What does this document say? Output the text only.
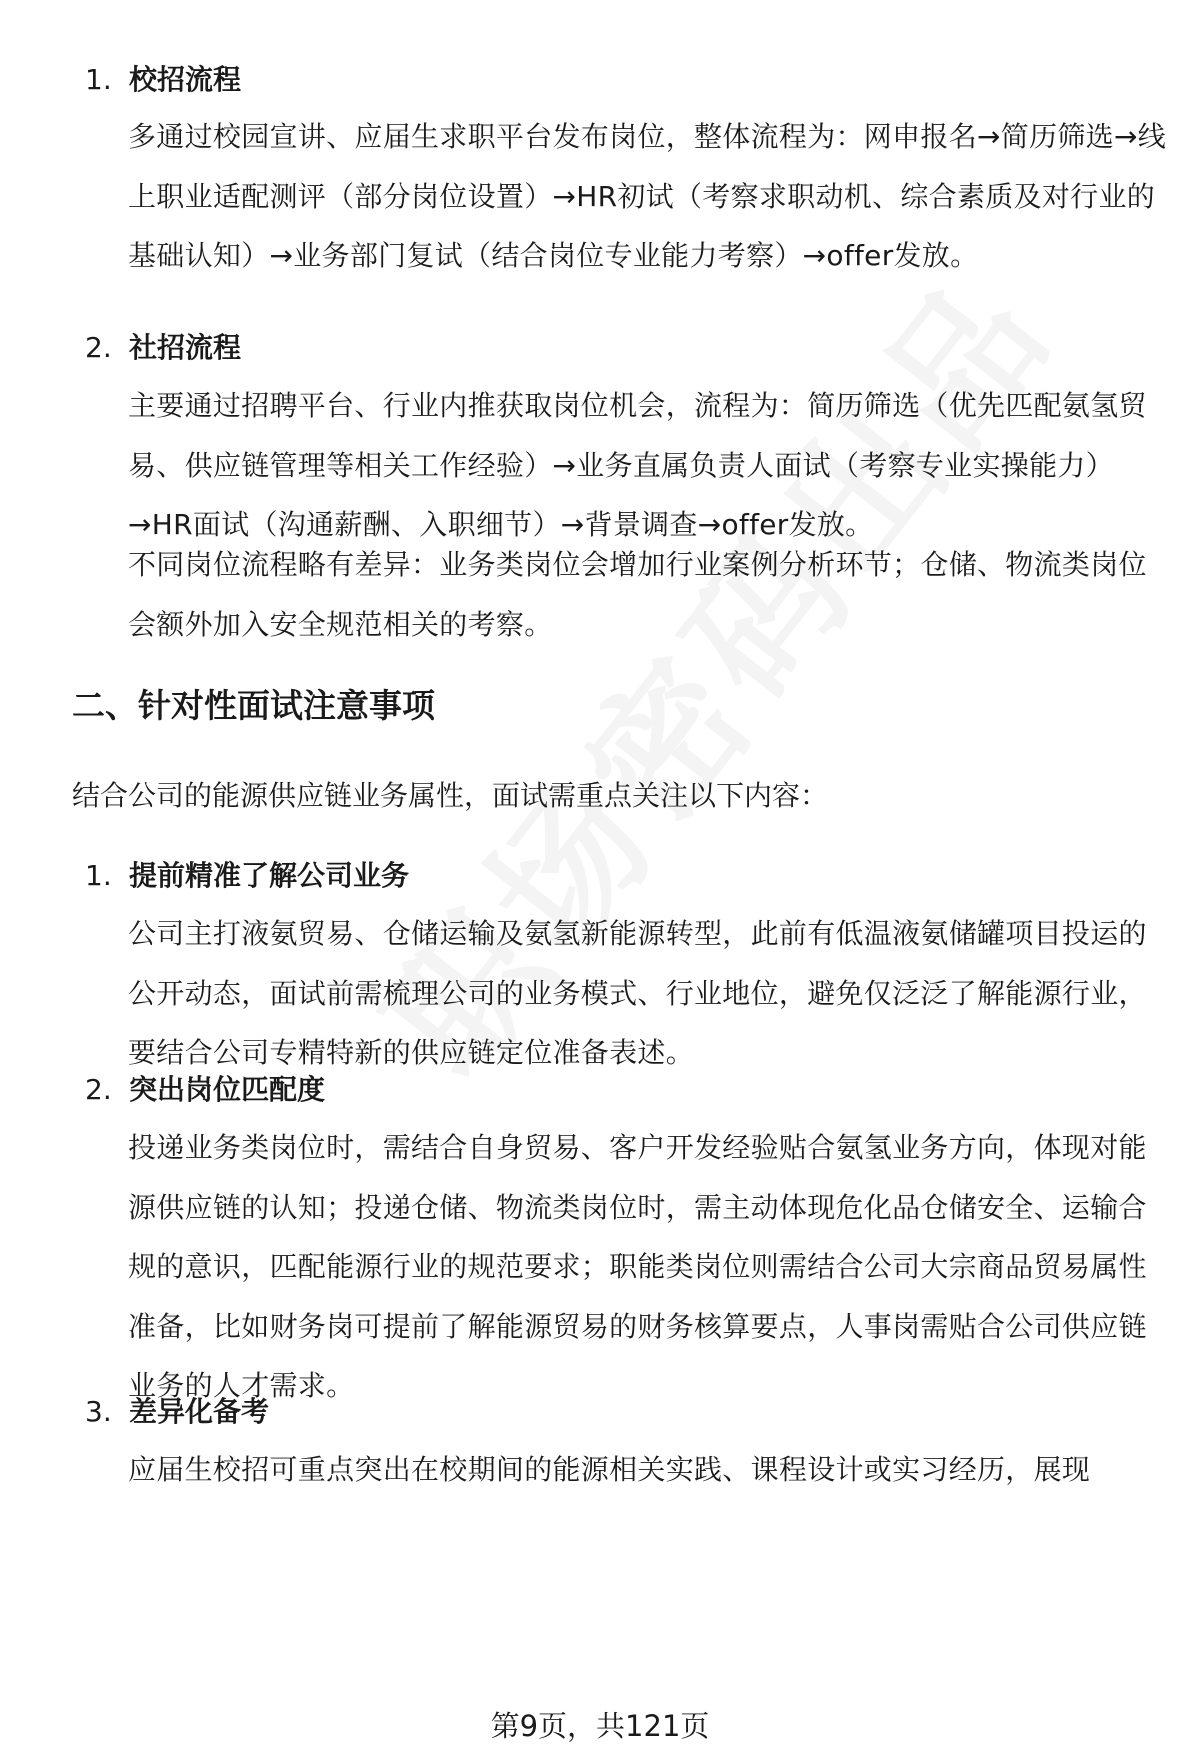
1. 校招流程
多通过校园宣讲、应届生求职平台发布岗位，整体流程为：网申报名→简历筛选→线上职业适配测评（部分岗位设置）→HR初试（考察求职动机、综合素质及对行业的基础认知）→业务部门复试（结合岗位专业能力考察）→offer发放。
2. 社招流程
主要通过招聘平台、行业内推获取岗位机会，流程为：简历筛选（优先匹配氨氢贸易、供应链管理等相关工作经验）→业务直属负责人面试（考察专业实操能力）→HR面试（沟通薪酬、入职细节）→背景调查→offer发放。
不同岗位流程略有差异：业务类岗位会增加行业案例分析环节；仓储、物流类岗位会额外加入安全规范相关的考察。
二、针对性面试注意事项
结合公司的能源供应链业务属性，面试需重点关注以下内容：
1. 提前精准了解公司业务
公司主打液氨贸易、仓储运输及氨氢新能源转型，此前有低温液氨储罐项目投运的公开动态，面试前需梳理公司的业务模式、行业地位，避免仅泛泛了解能源行业，要结合公司专精特新的供应链定位准备表述。
2. 突出岗位匹配度
投递业务类岗位时，需结合自身贸易、客户开发经验贴合氨氢业务方向，体现对能源供应链的认知；投递仓储、物流类岗位时，需主动体现危化品仓储安全、运输合规的意识，匹配能源行业的规范要求；职能类岗位则需结合公司大宗商品贸易属性准备，比如财务岗可提前了解能源贸易的财务核算要点，人事岗需贴合公司供应链业务的人才需求。
3. 差异化备考
应届生校招可重点突出在校期间的能源相关实践、课程设计或实习经历，展现
第9页，共121页
